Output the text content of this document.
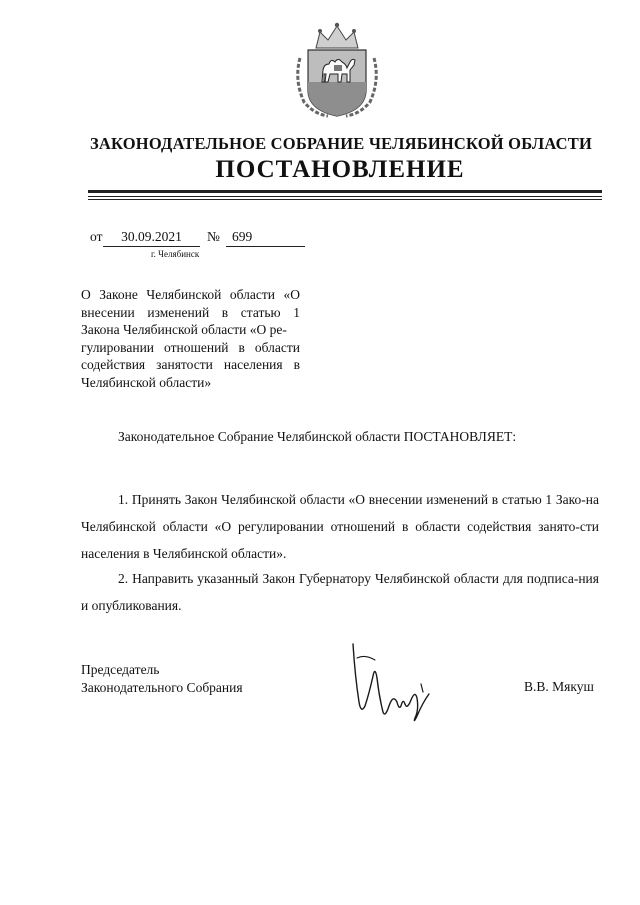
ЗАКОНОДАТЕЛЬНОЕ СОБРАНИЕ ЧЕЛЯБИНСКОЙ ОБЛАСТИ
ПОСТАНОВЛЕНИЕ
от	30.09.2021	№ 699
г. Челябинск
О Законе Челябинской области «О внесении изменений в статью 1 Закона Челябинской области «О ре-
гулировании отношений в области содействия занятости населения в Челябинской области»
Законодательное Собрание Челябинской области ПОСТАНОВЛЯЕТ:
1. Принять Закон Челябинской области «О внесении изменений в статью 1 Зако-на Челябинской области «О регулировании отношений в области содействия занято-сти населения в Челябинской области».
2. Направить указанный Закон Губернатору Челябинской области для подписа-ния и опубликования.
Председатель
Законодательного Собрания	В.В. Мякуш
